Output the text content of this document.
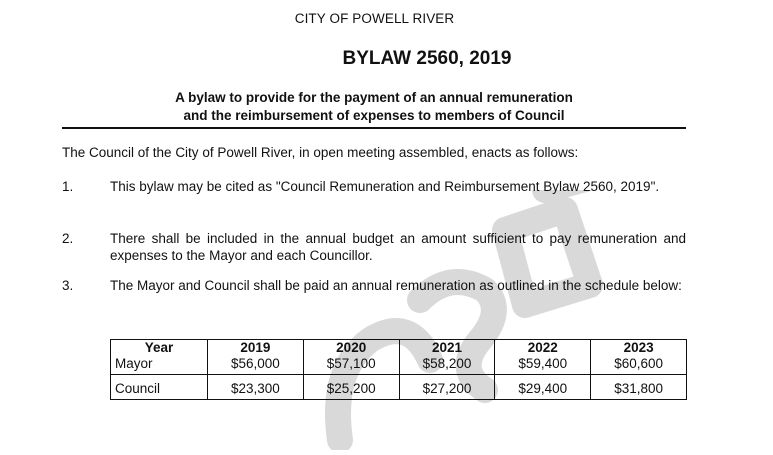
CITY OF POWELL RIVER
BYLAW 2560, 2019
A bylaw to provide for the payment of an annual remuneration
and the reimbursement of expenses to members of Council
The Council of the City of Powell River, in open meeting assembled, enacts as follows:
1.	This bylaw may be cited as "Council Remuneration and Reimbursement Bylaw 2560, 2019".
2.	There shall be included in the annual budget an amount sufficient to pay remuneration and expenses to the Mayor and each Councillor.
3.	The Mayor and Council shall be paid an annual remuneration as outlined in the schedule below:
Year	2019	2020	2021	2022	2023
Mayor	$56,000	$57,100	$58,200	$59,400	$60,600

Council	$23,300	$25,200	$27,200	$29,400	$31,800
